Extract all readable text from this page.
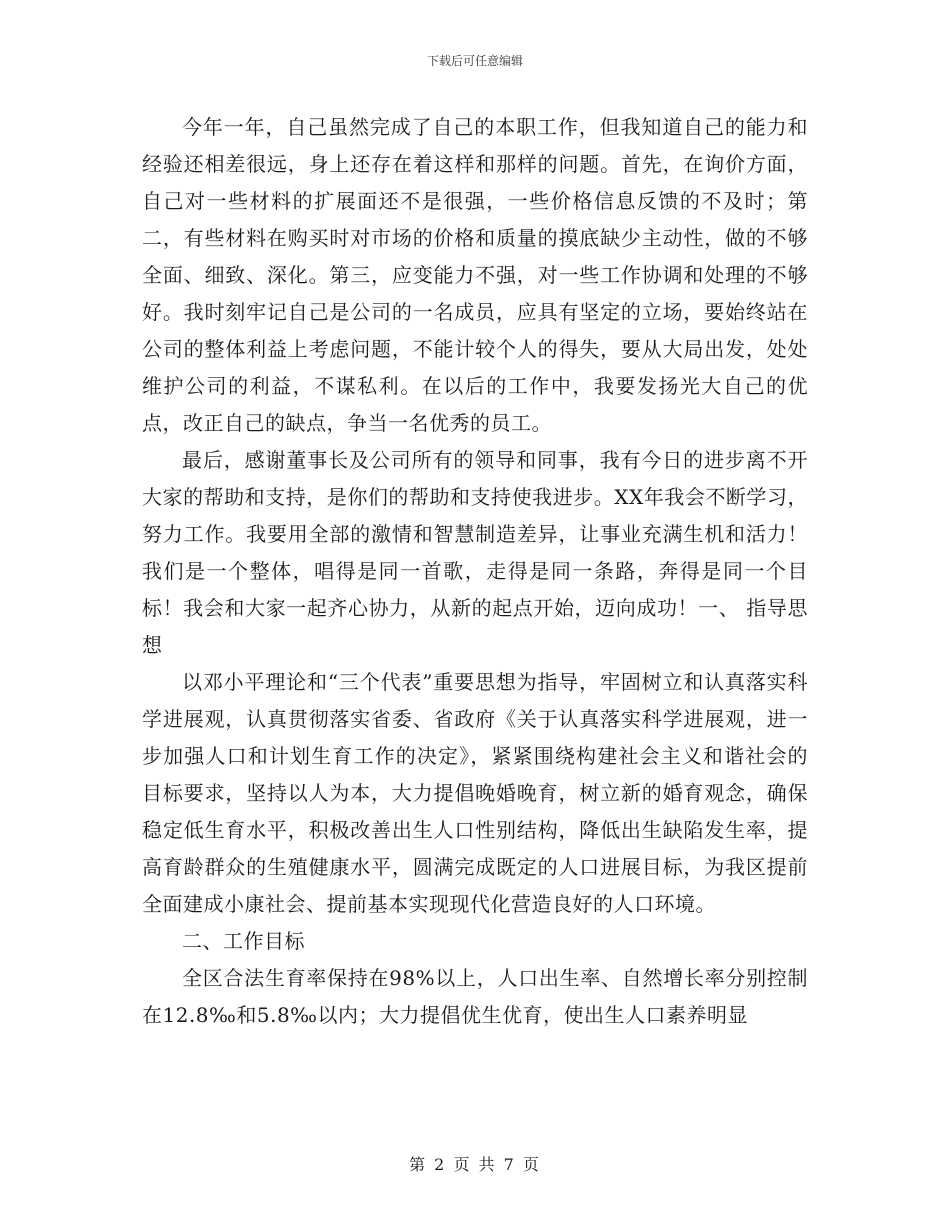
下载后可任意编辑

今年一年，自己虽然完成了自己的本职工作，但我知道自己的能力和经验还相差很远，身上还存在着这样和那样的问题。首先，在询价方面，自己对一些材料的扩展面还不是很强，一些价格信息反馈的不及时；第二，有些材料在购买时对市场的价格和质量的摸底缺少主动性，做的不够全面、细致、深化。第三，应变能力不强，对一些工作协调和处理的不够好。我时刻牢记自己是公司的一名成员，应具有坚定的立场，要始终站在公司的整体利益上考虑问题，不能计较个人的得失，要从大局出发，处处维护公司的利益，不谋私利。在以后的工作中，我要发扬光大自己的优点，改正自己的缺点，争当一名优秀的员工。

最后，感谢董事长及公司所有的领导和同事，我有今日的进步离不开大家的帮助和支持，是你们的帮助和支持使我进步。XX年我会不断学习，努力工作。我要用全部的激情和智慧制造差异，让事业充满生机和活力！我们是一个整体，唱得是同一首歌，走得是同一条路，奔得是同一个目标！我会和大家一起齐心协力，从新的起点开始，迈向成功！一、 指导思想

以邓小平理论和“三个代表”重要思想为指导，牢固树立和认真落实科学进展观，认真贯彻落实省委、省政府《关于认真落实科学进展观，进一步加强人口和计划生育工作的决定》，紧紧围绕构建社会主义和谐社会的目标要求，坚持以人为本，大力提倡晚婚晚育，树立新的婚育观念，确保稳定低生育水平，积极改善出生人口性别结构，降低出生缺陷发生率，提高育龄群众的生殖健康水平，圆满完成既定的人口进展目标，为我区提前全面建成小康社会、提前基本实现现代化营造良好的人口环境。

二、工作目标

全区合法生育率保持在98%以上，人口出生率、自然增长率分别控制在12.8‰和5.8‰以内；大力提倡优生优育，使出生人口素养明显

第 2 页 共 7 页
